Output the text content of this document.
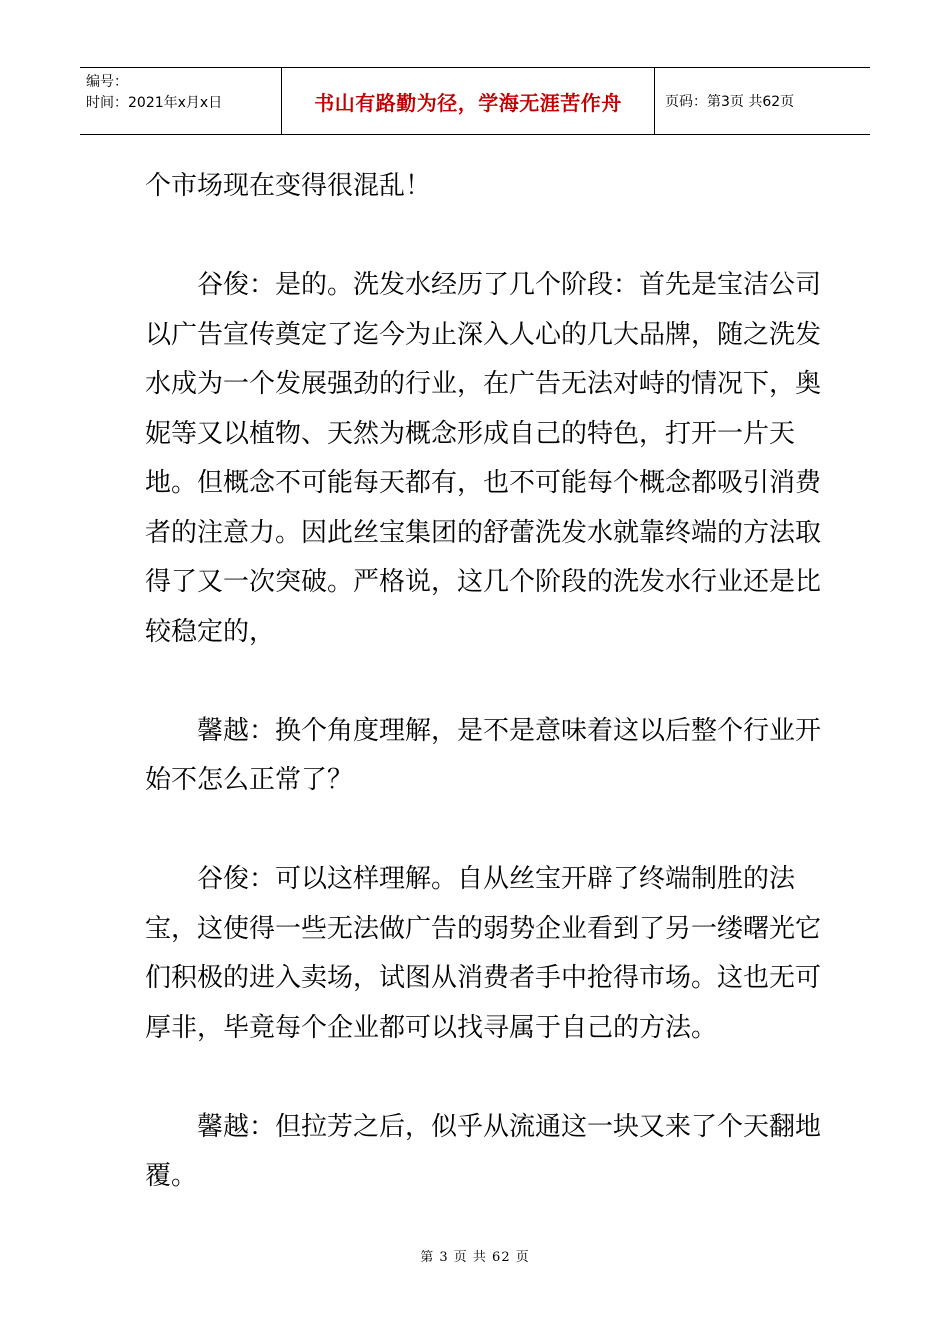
编号：
时间：2021年x月x日	书山有路勤为径，学海无涯苦作舟	页码：第3页 共62页

个市场现在变得很混乱！

谷俊：是的。洗发水经历了几个阶段：首先是宝洁公司以广告宣传奠定了迄今为止深入人心的几大品牌，随之洗发水成为一个发展强劲的行业，在广告无法对峙的情况下，奥妮等又以植物、天然为概念形成自己的特色，打开一片天地。但概念不可能每天都有，也不可能每个概念都吸引消费者的注意力。因此丝宝集团的舒蕾洗发水就靠终端的方法取得了又一次突破。严格说，这几个阶段的洗发水行业还是比较稳定的，

馨越：换个角度理解，是不是意味着这以后整个行业开始不怎么正常了？

谷俊：可以这样理解。自从丝宝开辟了终端制胜的法宝，这使得一些无法做广告的弱势企业看到了另一缕曙光它们积极的进入卖场，试图从消费者手中抢得市场。这也无可厚非，毕竟每个企业都可以找寻属于自己的方法。

馨越：但拉芳之后，似乎从流通这一块又来了个天翻地覆。

第 3 页 共 62 页
